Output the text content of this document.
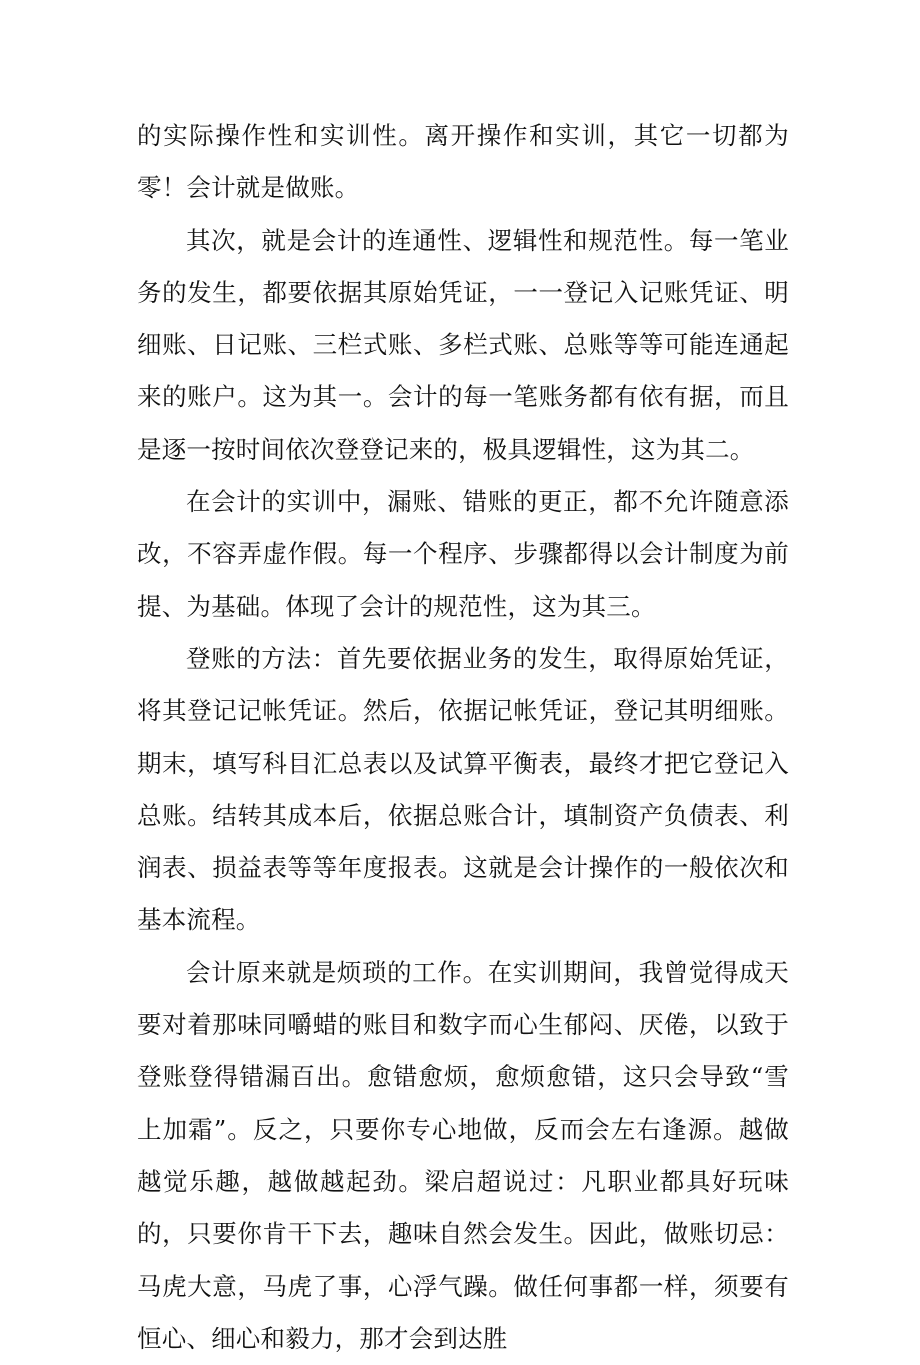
的实际操作性和实训性。离开操作和实训，其它一切都为零！会计就是做账。

其次，就是会计的连通性、逻辑性和规范性。每一笔业务的发生，都要依据其原始凭证，一一登记入记账凭证、明细账、日记账、三栏式账、多栏式账、总账等等可能连通起来的账户。这为其一。会计的每一笔账务都有依有据，而且是逐一按时间依次登登记来的，极具逻辑性，这为其二。

在会计的实训中，漏账、错账的更正，都不允许随意添改，不容弄虚作假。每一个程序、步骤都得以会计制度为前提、为基础。体现了会计的规范性，这为其三。

登账的方法：首先要依据业务的发生，取得原始凭证，将其登记记帐凭证。然后，依据记帐凭证，登记其明细账。期末，填写科目汇总表以及试算平衡表，最终才把它登记入总账。结转其成本后，依据总账合计，填制资产负债表、利润表、损益表等等年度报表。这就是会计操作的一般依次和基本流程。

会计原来就是烦琐的工作。在实训期间，我曾觉得成天要对着那味同嚼蜡的账目和数字而心生郁闷、厌倦，以致于登账登得错漏百出。愈错愈烦，愈烦愈错，这只会导致“雪上加霜”。反之，只要你专心地做，反而会左右逢源。越做越觉乐趣，越做越起劲。梁启超说过：凡职业都具好玩味的，只要你肯干下去，趣味自然会发生。因此，做账切忌：马虎大意，马虎了事，心浮气躁。做任何事都一样，须要有恒心、细心和毅力，那才会到达胜
